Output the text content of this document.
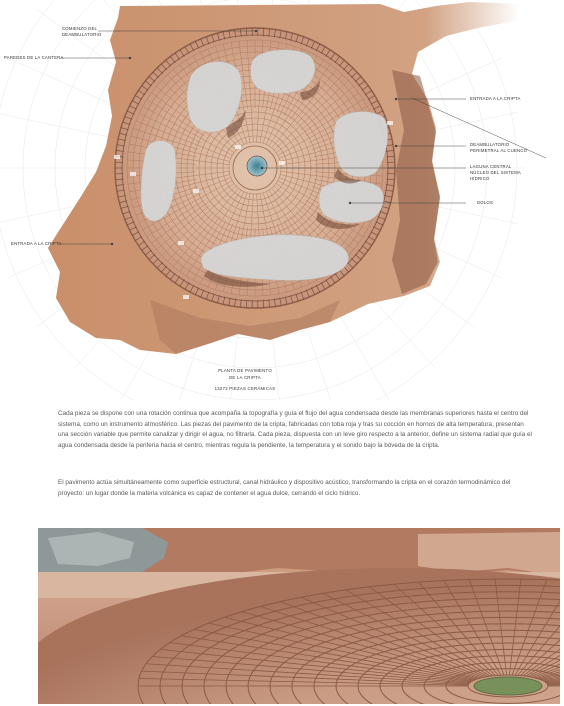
COMIENZO DEL
DEAMBULATORIO
PAREDES DE LA CANTERA
ENTRADA A LA CRIPTA
DEAMBULATORIO
PERIMETRAL AL CUENCO
LAGUNA CENTRAL
NÚCLEO DEL SISTEMA
HÍDRICO
DOLOS
ENTRADA A LA CRIPTA
PLANTA DE PAVIMENTO
DE LA CRIPTA
13272 PIEZAS CERÁMICAS

Cada pieza se dispone con una rotación continua que acompaña la topografía y guía el flujo del agua condensada desde las membranas superiores hasta el centro del sistema, como un instrumento atmosférico. Las piezas del pavimento de la cripta, fabricadas con toba roja y tras su cocción en hornos de alta temperatura, presentan una sección variable que permite canalizar y dirigir el agua, no filtrarla. Cada pieza, dispuesta con un leve giro respecto a la anterior, define un sistema radial que guía el agua condensada desde la periferia hacia el centro, mientras regula la pendiente, la temperatura y el sonido bajo la bóveda de la cripta.

El pavimento actúa simultáneamente como superficie estructural, canal hidráulico y dispositivo acústico, transformando la cripta en el corazón termodinámico del proyecto: un lugar donde la materia volcánica es capaz de contener el agua dulce, cerrando el ciclo hídrico.
